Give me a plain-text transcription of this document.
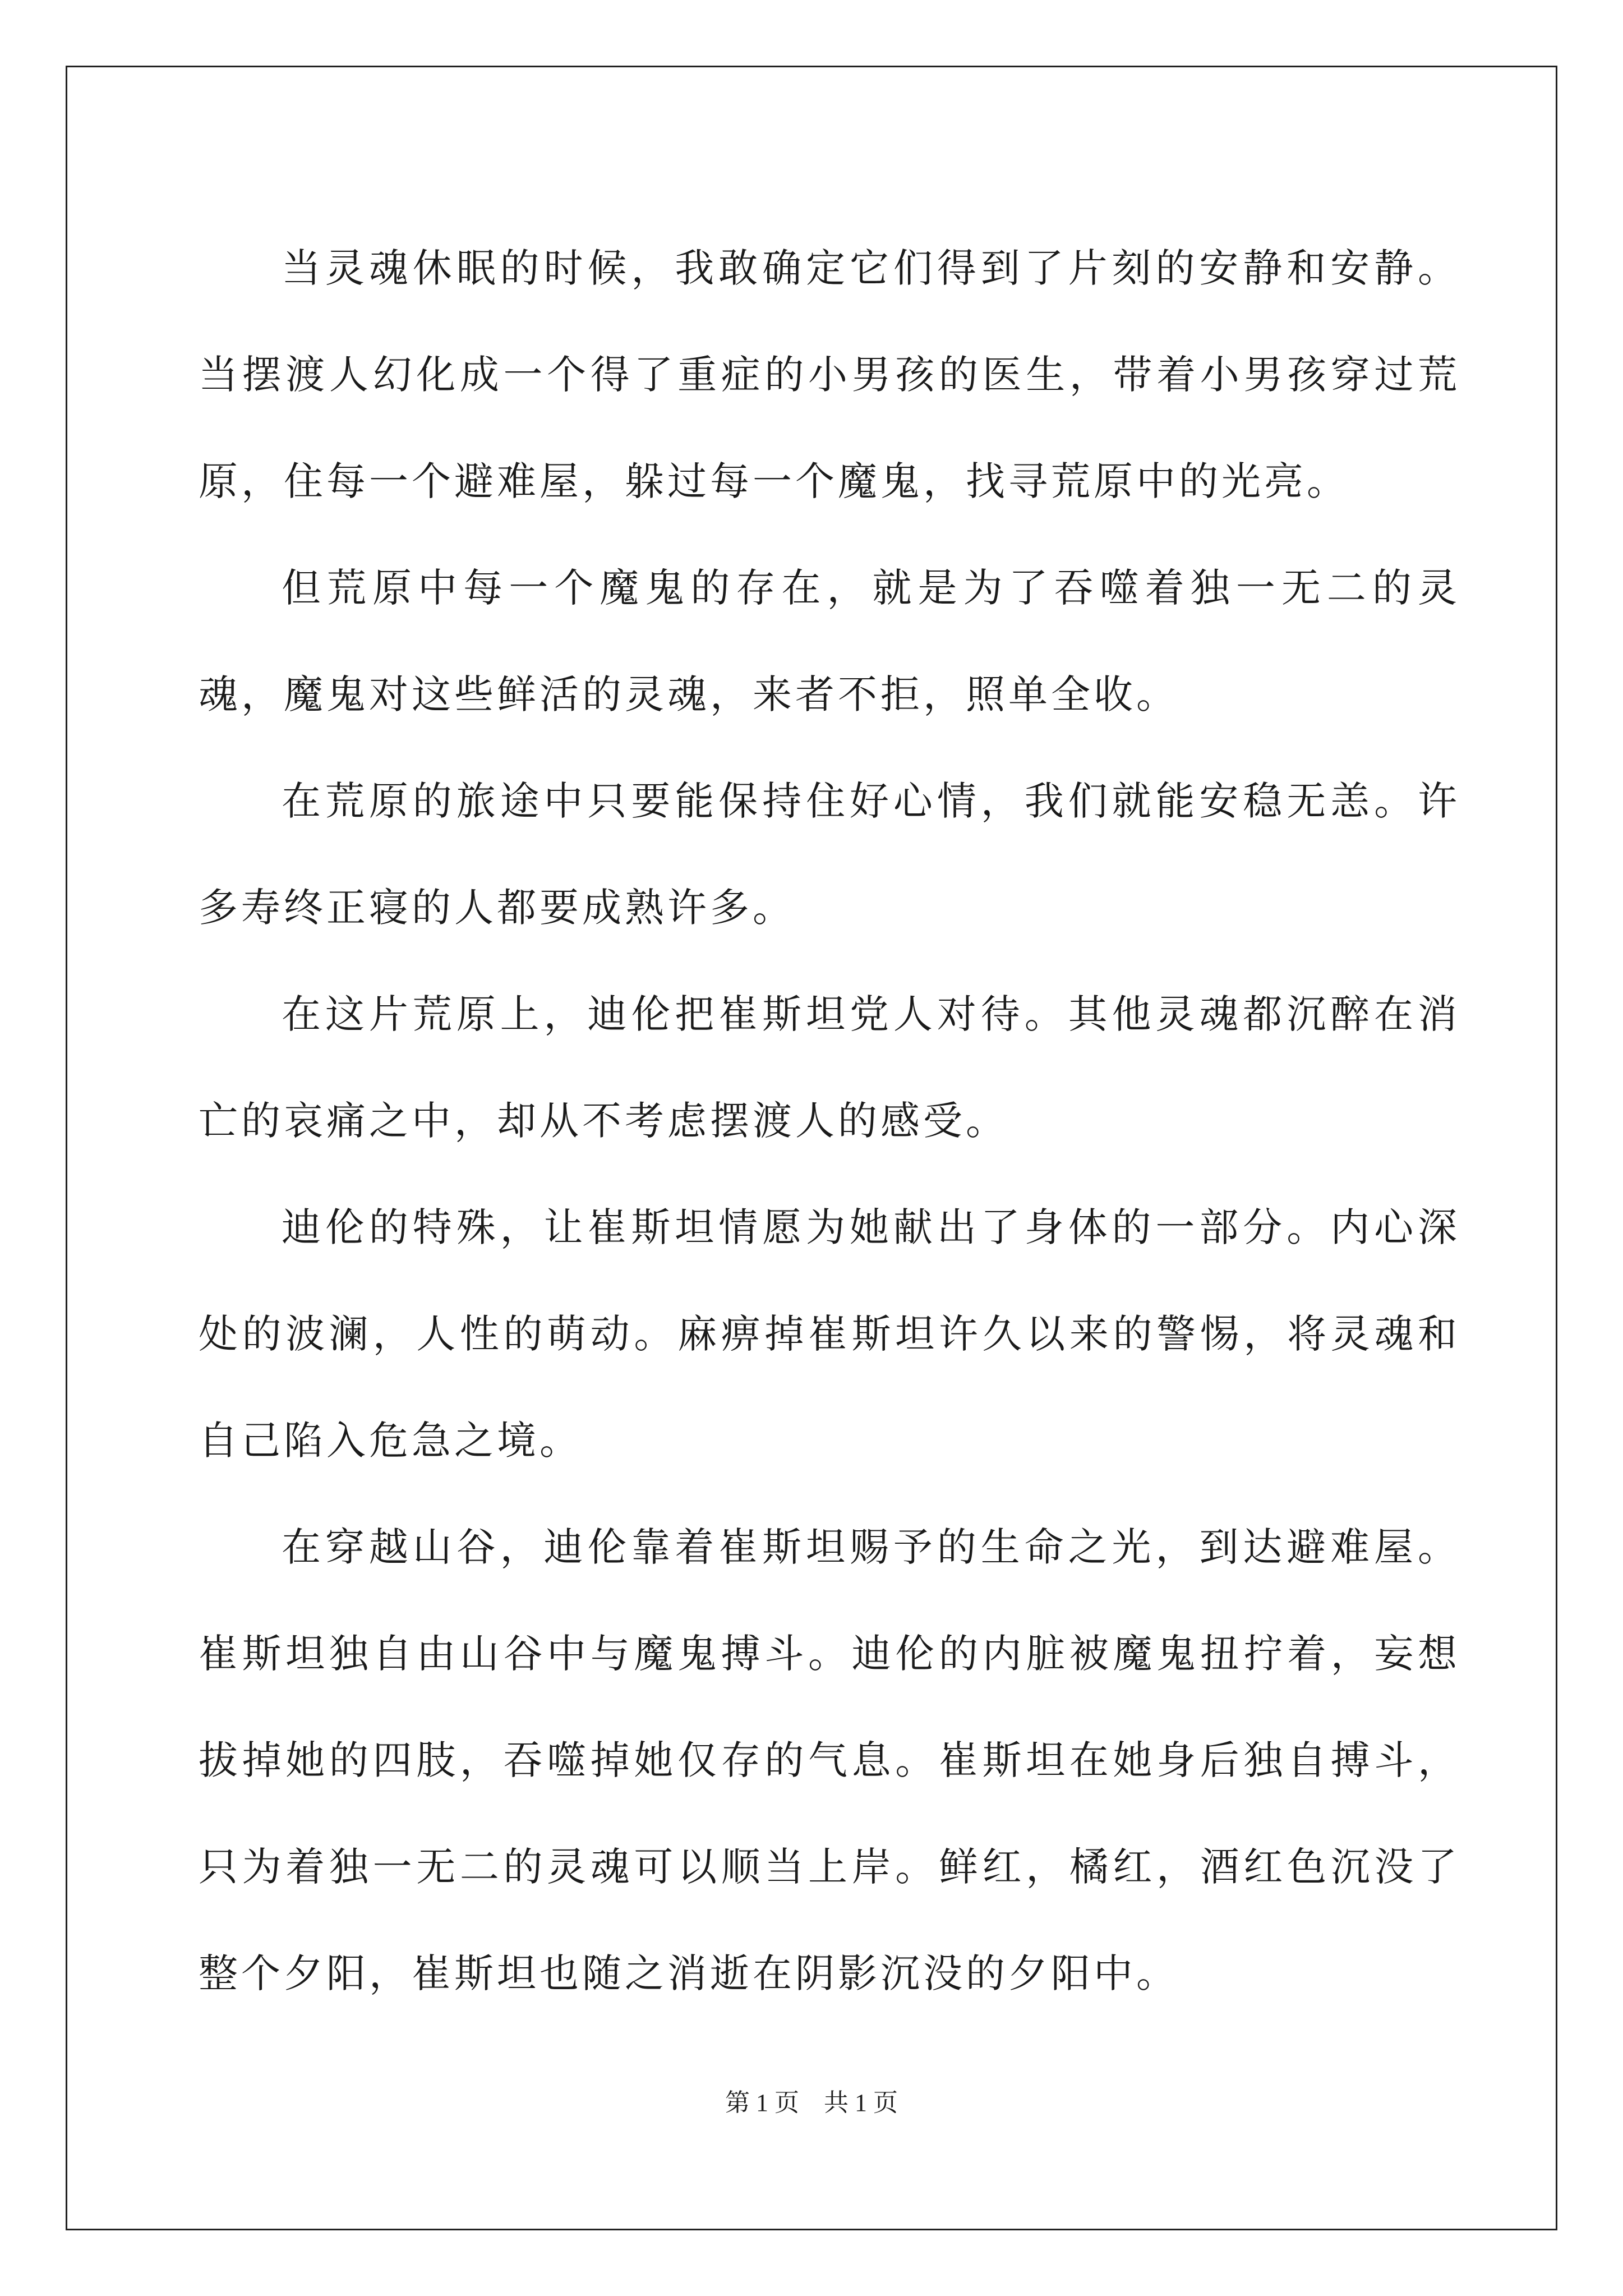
当灵魂休眠的时候，我敢确定它们得到了片刻的安静和安静。当摆渡人幻化成一个得了重症的小男孩的医生，带着小男孩穿过荒原，住每一个避难屋，躲过每一个魔鬼，找寻荒原中的光亮。

但荒原中每一个魔鬼的存在，就是为了吞噬着独一无二的灵魂，魔鬼对这些鲜活的灵魂，来者不拒，照单全收。

在荒原的旅途中只要能保持住好心情，我们就能安稳无恙。许多寿终正寝的人都要成熟许多。

在这片荒原上，迪伦把崔斯坦党人对待。其他灵魂都沉醉在消亡的哀痛之中，却从不考虑摆渡人的感受。

迪伦的特殊，让崔斯坦情愿为她献出了身体的一部分。内心深处的波澜，人性的萌动。麻痹掉崔斯坦许久以来的警惕，将灵魂和自己陷入危急之境。

在穿越山谷，迪伦靠着崔斯坦赐予的生命之光，到达避难屋。崔斯坦独自由山谷中与魔鬼搏斗。迪伦的内脏被魔鬼扭拧着，妄想拔掉她的四肢，吞噬掉她仅存的气息。崔斯坦在她身后独自搏斗，只为着独一无二的灵魂可以顺当上岸。鲜红，橘红，酒红色沉没了整个夕阳，崔斯坦也随之消逝在阴影沉没的夕阳中。

第 1 页　共 1 页
